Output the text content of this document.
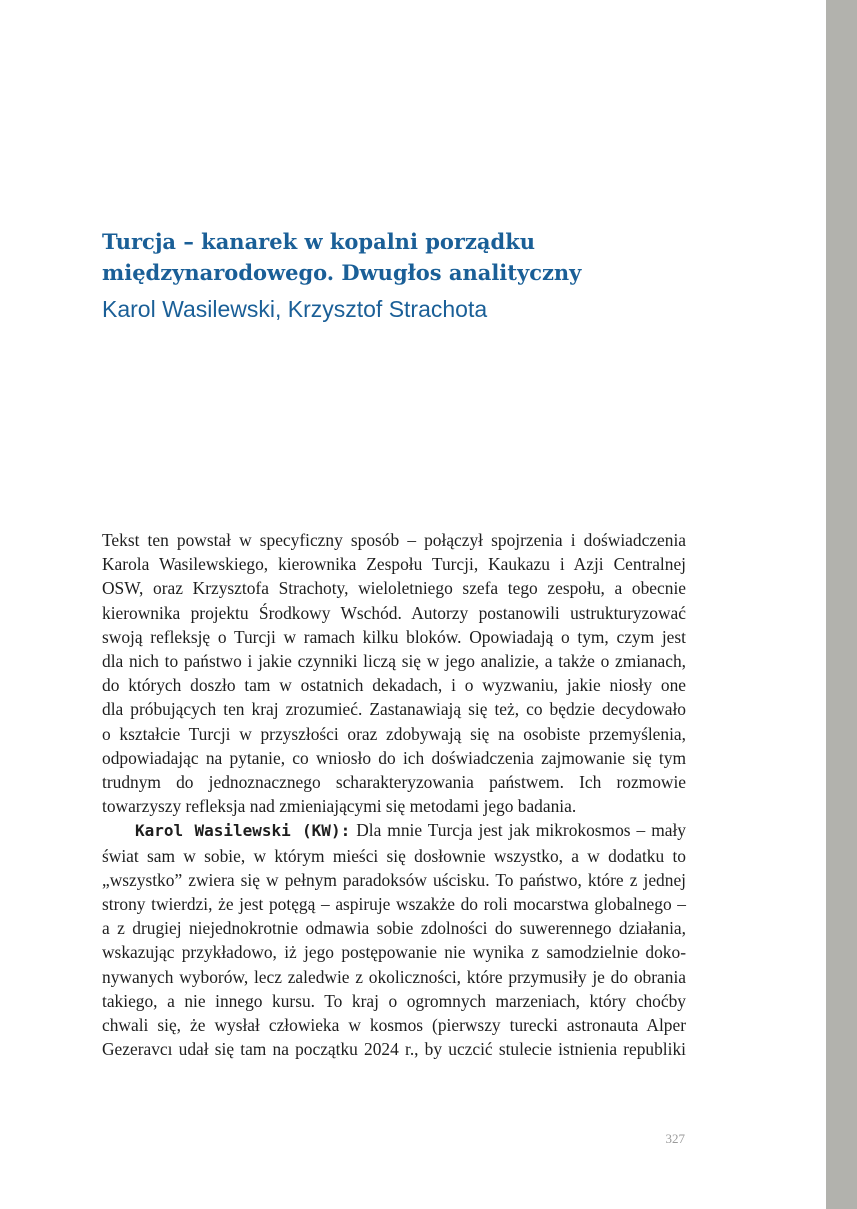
Turcja – kanarek w kopalni porządku
międzynarodowego. Dwugłos analityczny
Karol Wasilewski, Krzysztof Strachota

Tekst ten powstał w specyficzny sposób – połączył spojrzenia i doświadczenia
Karola Wasilewskiego, kierownika Zespołu Turcji, Kaukazu i Azji Centralnej
OSW, oraz Krzysztofa Strachoty, wieloletniego szefa tego zespołu, a obecnie
kierownika projektu Środkowy Wschód. Autorzy postanowili ustrukturyzować
swoją refleksję o Turcji w ramach kilku bloków. Opowiadają o tym, czym jest
dla nich to państwo i jakie czynniki liczą się w jego analizie, a także o zmianach,
do których doszło tam w ostatnich dekadach, i o wyzwaniu, jakie niosły one
dla próbujących ten kraj zrozumieć. Zastanawiają się też, co będzie decydowało
o kształcie Turcji w przyszłości oraz zdobywają się na osobiste przemyślenia,
odpowiadając na pytanie, co wniosło do ich doświadczenia zajmowanie się tym
trudnym do jednoznacznego scharakteryzowania państwem. Ich rozmowie
towarzyszy refleksja nad zmieniającymi się metodami jego badania.

Karol Wasilewski (KW): Dla mnie Turcja jest jak mikrokosmos – mały
świat sam w sobie, w którym mieści się dosłownie wszystko, a w dodatku to
„wszystko” zwiera się w pełnym paradoksów uścisku. To państwo, które z jednej
strony twierdzi, że jest potęgą – aspiruje wszakże do roli mocarstwa globalnego –
a z drugiej niejednokrotnie odmawia sobie zdolności do suwerennego działania,
wskazując przykładowo, iż jego postępowanie nie wynika z samodzielnie doko-
nywanych wyborów, lecz zaledwie z okoliczności, które przymusiły je do obrania
takiego, a nie innego kursu. To kraj o ogromnych marzeniach, który choćby
chwali się, że wysłał człowieka w kosmos (pierwszy turecki astronauta Alper
Gezeravcı udał się tam na początku 2024 r., by uczcić stulecie istnienia republiki

327
